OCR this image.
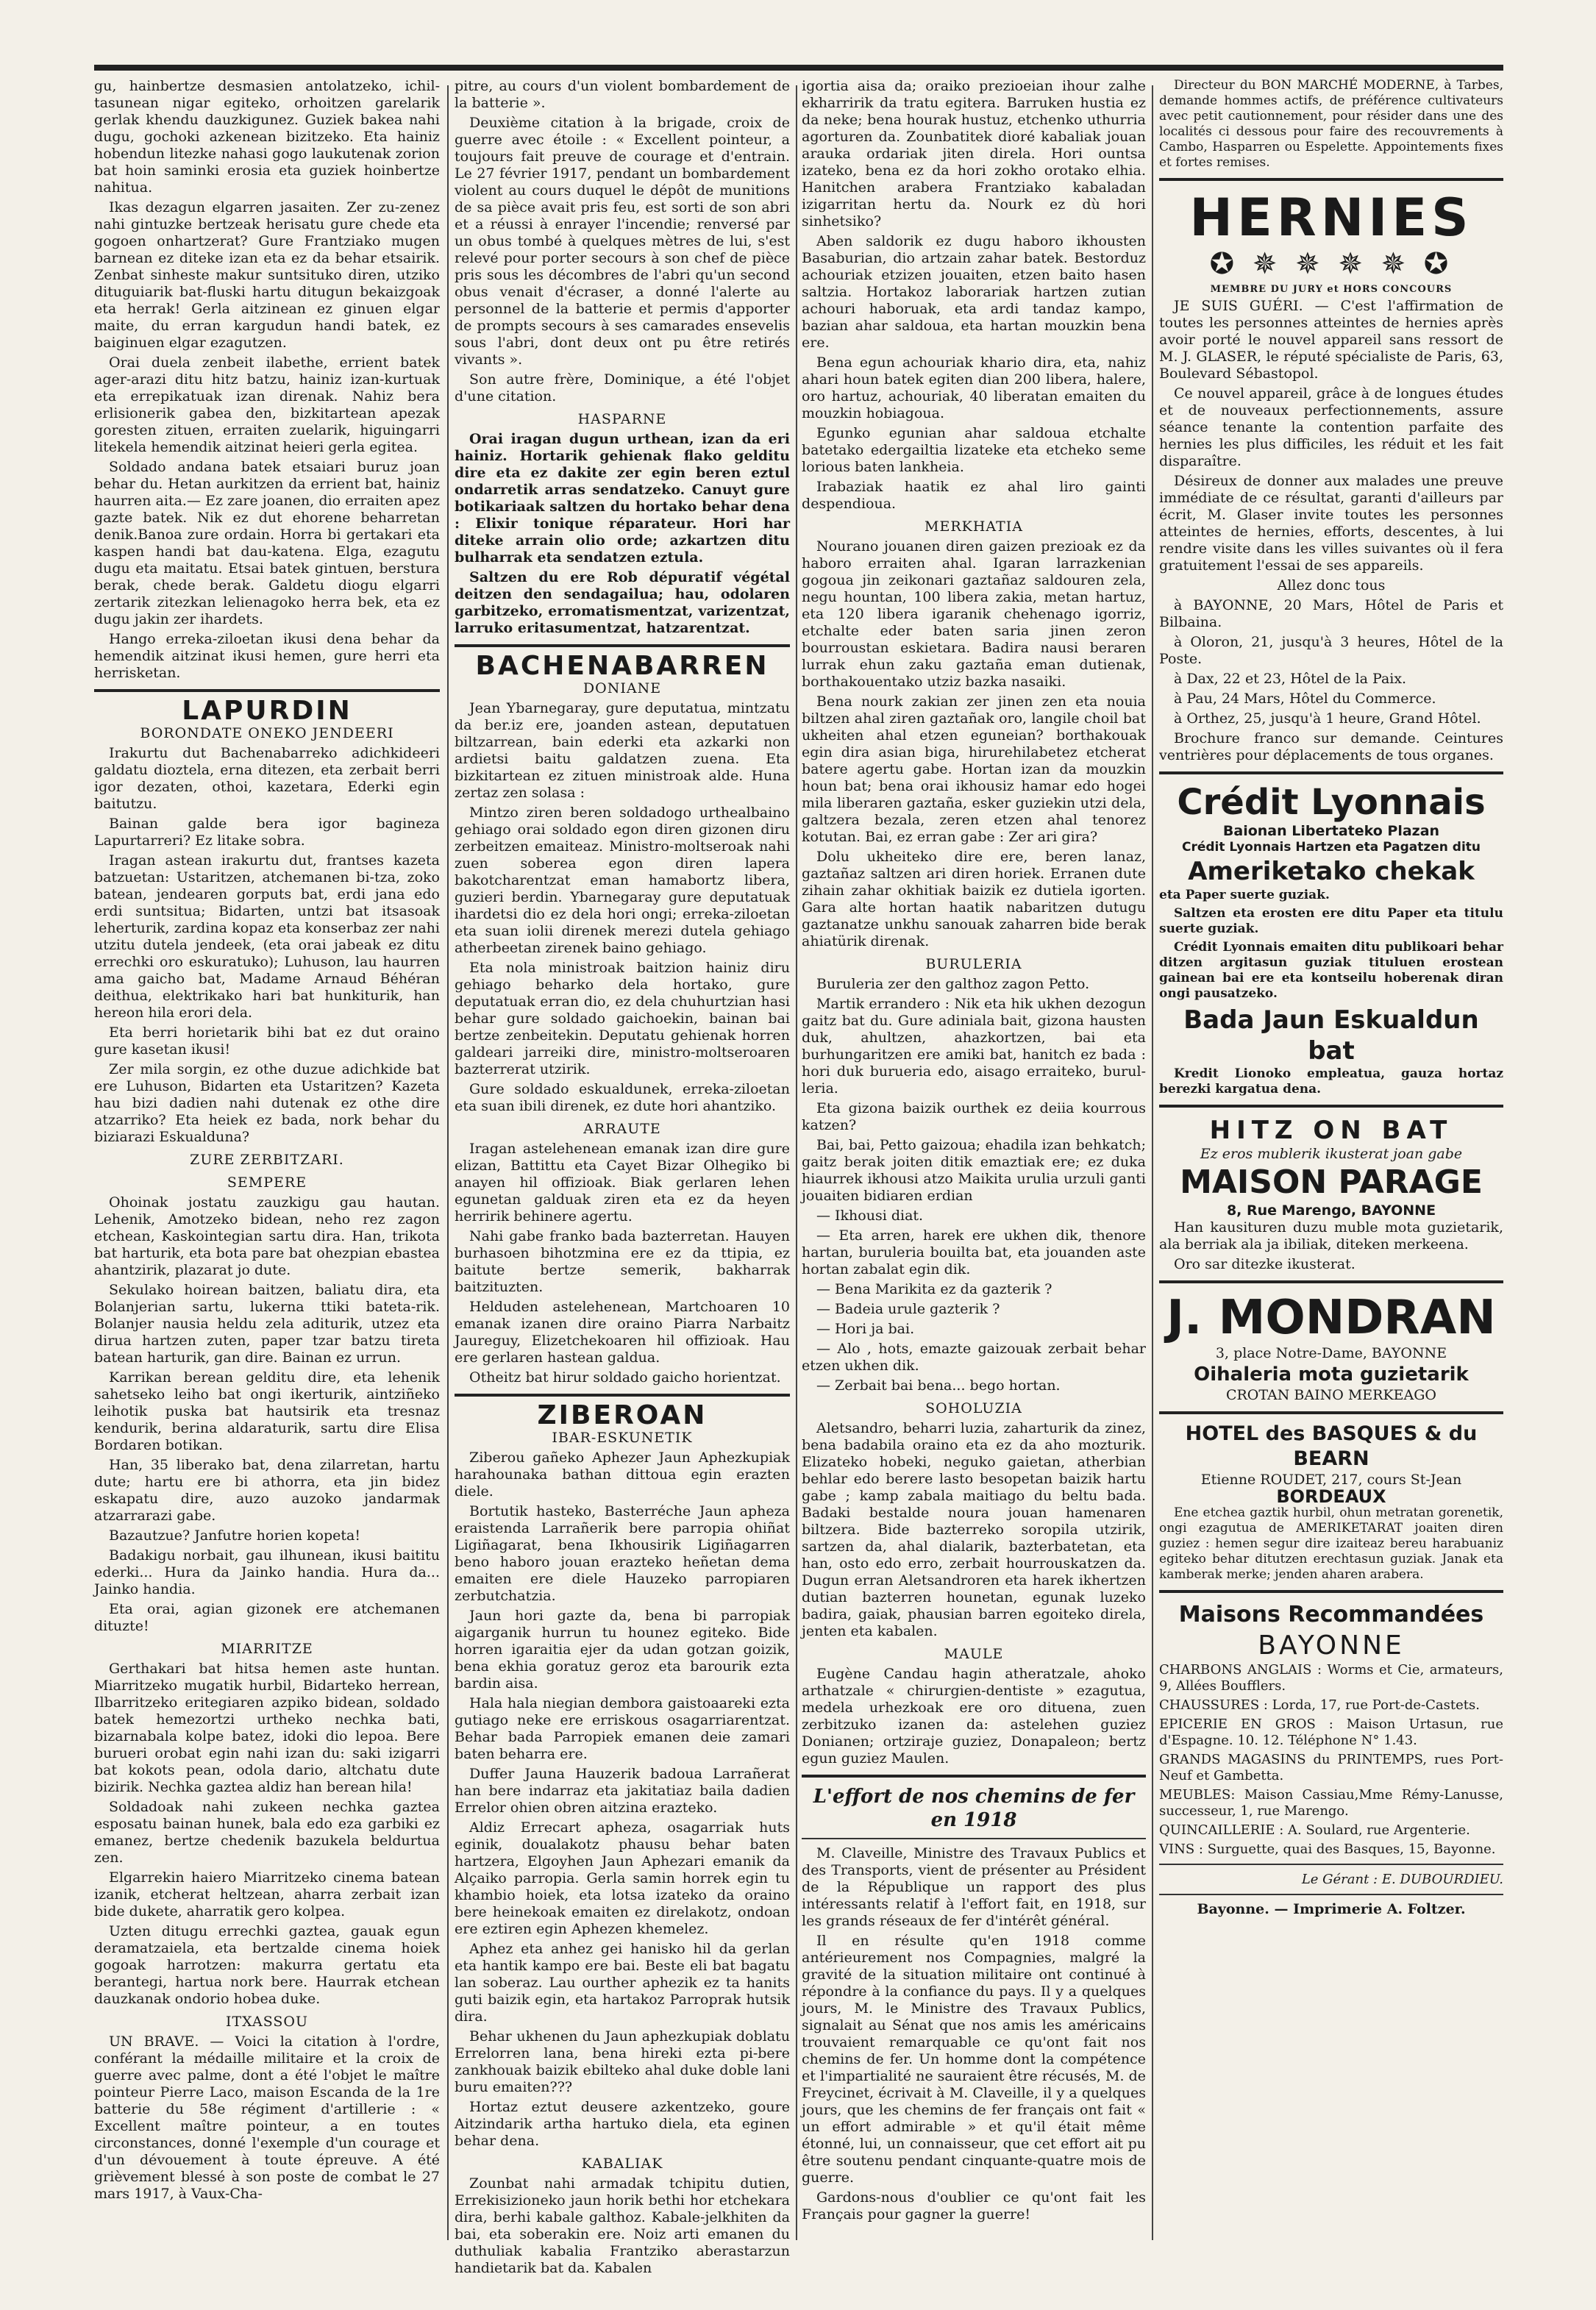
gu, hainbertze desmasien antolatzeko, ichil-tasunean nigar egiteko, orhoitzen garelarik gerlak khendu dauzkigunez. Guziek bakea nahi dugu, gochoki azkenean bizitzeko. Eta hainiz hobendun litezke nahasi gogo laukutenak zorion bat hoin saminki erosia eta guziek hoinbertze nahitua.

Ikas dezagun elgarren jasaiten. Zer zu-zenez nahi gintuzke bertzeak herisatu gure chede eta gogoen onhartzerat? Gure Frantziako mugen barnean ez diteke izan eta ez da behar etsairik. Zenbat sinheste makur suntsituko diren, utziko dituguiarik bat-fluski hartu ditugun bekaizgoak eta herrak! Gerla aitzinean ez ginuen elgar maite, du erran kargudun handi batek, ez baiginuen elgar ezagutzen.

Orai duela zenbeit ilabethe, errient batek ager-arazi ditu hitz batzu, hainiz izan-kurtuak eta errepikatuak izan direnak. Nahiz bera erlisionerik gabea den, bizkitartean apezak goresten zituen, erraiten zuelarik, higuingarri litekela hemendik aitzinat heieri gerla egitea.

Soldado andana batek etsaiari buruz joan behar du. Hetan aurkitzen da errient bat, hainiz haurren aita.— Ez zare joanen, dio erraiten apez gazte batek. Nik ez dut ehorene beharretan denik.Banoa zure ordain. Horra bi gertakari eta kaspen handi bat dau-katena. Elga, ezagutu dugu eta maitatu. Etsai batek gintuen, berstura berak, chede berak. Galdetu diogu elgarri zertarik zitezkan lelienagoko herra bek, eta ez dugu jakin zer ihardets.

Hango erreka-ziloetan ikusi dena behar da hemendik aitzinat ikusi hemen, gure herri eta herrisketan.

LAPURDIN
BORONDATE ONEKO JENDEERI

Irakurtu dut Bachenabarreko adichkideeri galdatu dioztela, erna ditezen, eta zerbait berri igor dezaten, othoi, kazetara, Ederki egin baitutzu.

Bainan galde bera igor bagineza Lapurtarreri? Ez litake sobra.

Iragan astean irakurtu dut, frantses kazeta batzuetan: Ustaritzen, atchemanen bi-tza, zoko batean, jendearen gorputs bat, erdi jana edo erdi suntsitua; Bidarten, untzi bat itsasoak leherturik, zardina kopaz eta konserbaz zer nahi utzitu dutela jendeek, (eta orai jabeak ez ditu errechki oro eskuratuko); Luhuson, lau haurren ama gaicho bat, Madame Arnaud Béhéran deithua, elektrikako hari bat hunkiturik, han hereon hila erori dela.

Eta berri horietarik bihi bat ez dut oraino gure kasetan ikusi!

Zer mila sorgin, ez othe duzue adichkide bat ere Luhuson, Bidarten eta Ustaritzen? Kazeta hau bizi dadien nahi dutenak ez othe dire atzarriko? Eta heiek ez bada, nork behar du biziarazi Eskualduna?

ZURE ZERBITZARI.
SEMPERE

Ohoinak jostatu zauzkigu gau hautan. Lehenik, Amotzeko bidean, neho rez zagon etchean, Kaskointegian sartu dira. Han, trikota bat harturik, eta bota pare bat ohezpian ebastea ahantzirik, plazarat jo dute.

Sekulako hoirean baitzen, baliatu dira, eta Bolanjerian sartu, lukerna ttiki bateta-rik. Bolanjer nausia heldu zela aditurik, utzez eta dirua hartzen zuten, paper tzar batzu tireta batean harturik, gan dire. Bainan ez urrun.

Karrikan berean gelditu dire, eta lehenik sahetseko leiho bat ongi ikerturik, aintziñeko leihotik puska bat hautsirik eta tresnaz kendurik, berina aldaraturik, sartu dire Elisa Bordaren botikan.

Han, 35 liberako bat, dena zilarretan, hartu dute; hartu ere bi athorra, eta jin bidez eskapatu dire, auzo auzoko jandarmak atzarrarazi gabe.

Bazautzue? Janfutre horien kopeta!

Badakigu norbait, gau ilhunean, ikusi baititu ederki... Hura da Jainko handia. Hura da... Jainko handia.

Eta orai, agian gizonek ere atchemanen dituzte!

MIARRITZE

Gerthakari bat hitsa hemen aste huntan. Miarritzeko mugatik hurbil, Bidarteko herrean, Ilbarritzeko eritegiaren azpiko bidean, soldado batek hemezortzi urtheko nechka bati, bizarnabala kolpe batez, idoki dio lepoa. Bere burueri orobat egin nahi izan du: saki izigarri bat kokots pean, odola dario, altchatu dute bizirik. Nechka gaztea aldiz han berean hila!

Soldadoak nahi zukeen nechka gaztea esposatu bainan hunek, bala edo eza garbiki ez emanez, bertze chedenik bazukela beldurtua zen.

Elgarrekin haiero Miarritzeko cinema batean izanik, etcherat heltzean, aharra zerbait izan bide dukete, aharratik gero kolpea.

Uzten ditugu errechki gaztea, gauak egun deramatzaiela, eta bertzalde cinema hoiek gogoak harrotzen: makurra gertatu eta berantegi, hartua nork bere. Haurrak etchean dauzkanak ondorio hobea duke.

ITXASSOU

UN BRAVE. — Voici la citation à l'ordre, conférant la médaille militaire et la croix de guerre avec palme, dont a été l'objet le maître pointeur Pierre Laco, maison Escanda de la 1re batterie du 58e régiment d'artillerie : « Excellent maître pointeur, a en toutes circonstances, donné l'exemple d'un courage et d'un dévouement à toute épreuve. A été grièvement blessé à son poste de combat le 27 mars 1917, à Vaux-Cha-

pitre, au cours d'un violent bombardement de la batterie ».

Deuxième citation à la brigade, croix de guerre avec étoile : « Excellent pointeur, a toujours fait preuve de courage et d'entrain. Le 27 février 1917, pendant un bombardement violent au cours duquel le dépôt de munitions de sa pièce avait pris feu, est sorti de son abri et a réussi à enrayer l'incendie; renversé par un obus tombé à quelques mètres de lui, s'est relevé pour porter secours à son chef de pièce pris sous les décombres de l'abri qu'un second obus venait d'écraser, a donné l'alerte au personnel de la batterie et permis d'apporter de prompts secours à ses camarades ensevelis sous l'abri, dont deux ont pu être retirés vivants ».

Son autre frère, Dominique, a été l'objet d'une citation.

HASPARNE

Orai iragan dugun urthean, izan da eri hainiz. Hortarik gehienak flako gelditu dire eta ez dakite zer egin beren eztul ondarretik arras sendatzeko. Canuyt gure botikariaak saltzen du hortako behar dena : Elixir tonique réparateur. Hori har diteke arrain olio orde; azkartzen ditu bulharrak eta sendatzen eztula.

Saltzen du ere Rob dépuratif végétal deitzen den sendagailua; hau, odolaren garbitzeko, erromatismentzat, varizentzat, larruko eritasumentzat, hatzarentzat.

BACHENABARREN
DONIANE

Jean Ybarnegaray, gure deputatua, mintzatu da ber.iz ere, joanden astean, deputatuen biltzarrean, bain ederki eta azkarki non ardietsi baitu galdatzen zuena. Eta bizkitartean ez zituen ministroak alde. Huna zertaz zen solasa :

Mintzo ziren beren soldadogo urthealbaino gehiago orai soldado egon diren gizonen diru zerbeitzen emaiteaz. Ministro-moltseroak nahi zuen soberea egon diren lapera bakotcharentzat eman hamabortz libera, guzieri berdin. Ybarnegaray gure deputatuak ihardetsi dio ez dela hori ongi; erreka-ziloetan eta suan iolii direnek merezi dutela gehiago atherbeetan zirenek baino gehiago.

Eta nola ministroak baitzion hainiz diru gehiago beharko dela hortako, gure deputatuak erran dio, ez dela chuhurtzian hasi behar gure soldado gaichoekin, bainan bai bertze zenbeitekin. Deputatu gehienak horren galdeari jarreiki dire, ministro-moltseroaren bazterrerat utzirik.

Gure soldado eskualdunek, erreka-ziloetan eta suan ibili direnek, ez dute hori ahantziko.

ARRAUTE

Iragan astelehenean emanak izan dire gure elizan, Battittu eta Cayet Bizar Olhegiko bi anayen hil offizioak. Biak gerlaren lehen egunetan galduak ziren eta ez da heyen herririk behinere agertu.

Nahi gabe franko bada bazterretan. Hauyen burhasoen bihotzmina ere ez da ttipia, ez baitute bertze semerik, bakharrak baitzituzten.

Helduden astelehenean, Martchoaren 10 emanak izanen dire oraino Piarra Narbaitz Jaureguy, Elizetchekoaren hil offizioak. Hau ere gerlaren hastean galdua.

Otheitz bat hirur soldado gaicho horientzat.

ZIBEROAN
IBAR-ESKUNETIK

Ziberou gañeko Aphezer Jaun Aphezkupiak harahounaka bathan dittoua egin erazten diele.

Bortutik hasteko, Basterréche Jaun apheza eraistenda Larrañerik bere parropia ohiñat Ligiñagarat, bena Ikhousirik Ligiñagarren beno haboro jouan erazteko heñetan dema emaiten ere diele Hauzeko parropiaren zerbutchatzia.

Jaun hori gazte da, bena bi parropiak aigarganik hurrun tu hounez egiteko. Bide horren igaraitia ejer da udan gotzan goizik, bena ekhia goratuz geroz eta barourik ezta bardin aisa.

Hala hala niegian dembora gaistoaareki ezta gutiago neke ere erriskous osagarriarentzat. Behar bada Parropiek emanen deie zamari baten beharra ere.

Duffer Jauna Hauzerik badoua Larrañerat han bere indarraz eta jakitatiaz baila dadien Errelor ohien obren aitzina erazteko.

Aldiz Errecart apheza, osagarriak huts eginik, doualakotz phausu behar baten hartzera, Elgoyhen Jaun Aphezari emanik da Alçaiko parropia. Gerla samin horrek egin tu khambio hoiek, eta lotsa izateko da oraino bere heinekoak emaiten ez direlakotz, ondoan ere eztiren egin Aphezen khemelez.

Aphez eta anhez gei hanisko hil da gerlan eta hantik kampo ere bai. Beste eli bat bagatu lan soberaz. Lau ourther aphezik ez ta hanits guti baizik egin, eta hartakoz Parroprak hutsik dira.

Behar ukhenen du Jaun aphezkupiak doblatu Errelorren lana, bena hireki ezta pi-bere zankhouak baizik ebilteko ahal duke doble lani buru emaiten???

Hortaz eztut deusere azkentzeko, goure Aitzindarik artha hartuko diela, eta eginen behar dena.

KABALIAK

Zounbat nahi armadak tchipitu dutien, Errekisizioneko jaun horik bethi hor etchekara dira, berhi kabale galthoz. Kabale-jelkhiten da bai, eta soberakin ere. Noiz arti emanen du duthuliak kabalia Frantziko aberastarzun handietarik bat da. Kabalen

igortia aisa da; oraiko prezioeian ihour zalhe ekharririk da tratu egitera. Barruken hustia ez da neke; bena hourak hustuz, etchenko uthurria agorturen da. Zounbatitek dioré kabaliak jouan arauka ordariak jiten direla. Hori ountsa izateko, bena ez da hori zokho orotako elhia. Hanitchen arabera Frantziako kabaladan izigarritan hertu da. Nourk ez dù hori sinhetsiko?

Aben saldorik ez dugu haboro ikhousten Basaburian, dio artzain zahar batek. Bestorduz achouriak etzizen jouaiten, etzen baito hasen saltzia. Hortakoz laborariak hartzen zutian achouri haboruak, eta ardi tandaz kampo, bazian ahar saldoua, eta hartan mouzkin bena ere.

Bena egun achouriak khario dira, eta, nahiz ahari houn batek egiten dian 200 libera, halere, oro hartuz, achouriak, 40 liberatan emaiten du mouzkin hobiagoua.

Egunko egunian ahar saldoua etchalte batetako edergailtia lizateke eta etcheko seme lorious baten lankheia.

Irabaziak haatik ez ahal liro gainti despendioua.

MERKHATIA

Nourano jouanen diren gaizen prezioak ez da haboro erraiten ahal. Igaran larrazkenian gogoua jin zeikonari gaztañaz saldouren zela, negu hountan, 100 libera zakia, metan hartuz, eta 120 libera igaranik chehenago igorriz, etchalte eder baten saria jinen zeron bourroustan eskietara. Badira nausi beraren lurrak ehun zaku gaztaña eman dutienak, borthakouentako utziz bazka nasaiki.

Bena nourk zakian zer jinen zen eta nouia biltzen ahal ziren gaztañak oro, langile choil bat ukheiten ahal etzen eguneian? borthakouak egin dira asian biga, hirurehilabetez etcherat batere agertu gabe. Hortan izan da mouzkin houn bat; bena orai ikhousiz hamar edo hogei mila liberaren gaztaña, esker guziekin utzi dela, galtzera bezala, zeren etzen ahal tenorez kotutan. Bai, ez erran gabe : Zer ari gira?

Dolu ukheiteko dire ere, beren lanaz, gaztañaz saltzen ari diren horiek. Erranen dute zihain zahar okhitiak baizik ez dutiela igorten. Gara alte hortan haatik nabaritzen dutugu gaztanatze unkhu sanouak zaharren bide berak ahiatürik direnak.

BURULERIA

Buruleria zer den galthoz zagon Petto.

Martik errandero : Nik eta hik ukhen dezogun gaitz bat du. Gure adiniala bait, gizona hausten duk, ahultzen, ahazkortzen, bai eta burhungaritzen ere amiki bat, hanitch ez bada : hori duk burueria edo, aisago erraiteko, burul-leria.

Eta gizona baizik ourthek ez deiia kourrous katzen?

Bai, bai, Petto gaizoua; ehadila izan behkatch; gaitz berak joiten ditik emaztiak ere; ez duka hiaurrek ikhousi atzo Maikita urulia urzuli ganti jouaiten bidiaren erdian

— Ikhousi diat.

— Eta arren, harek ere ukhen dik, thenore hartan, buruleria bouilta bat, eta jouanden aste hortan zabalat egin dik.

— Bena Marikita ez da gazterik ?

— Badeia urule gazterik ?

— Hori ja bai.

— Alo , hots, emazte gaizouak zerbait behar etzen ukhen dik.

— Zerbait bai bena... bego hortan.

SOHOLUZIA

Aletsandro, beharri luzia, zaharturik da zinez, bena badabila oraino eta ez da aho mozturik. Elizateko hobeki, neguko gaietan, atherbian behlar edo berere lasto besopetan baizik hartu gabe ; kamp zabala maitiago du beltu bada. Badaki bestalde noura jouan hamenaren biltzera. Bide bazterreko soropila utzirik, sartzen da, ahal dialarik, bazterbatetan, eta han, osto edo erro, zerbait hourrouskatzen da. Dugun erran Aletsandroren eta harek ikhertzen dutian bazterren hounetan, egunak luzeko badira, gaiak, phausian barren egoiteko direla, jenten eta kabalen.

MAULE

Eugène Candau hagin atheratzale, ahoko arthatzale « chirurgien-dentiste » ezagutua, medela urhezkoak ere oro dituena, zuen zerbitzuko izanen da: astelehen guziez Donianen; ortziraje guziez, Donapaleon; bertz egun guziez Maulen.

L'effort de nos chemins de fer en 1918

M. Claveille, Ministre des Travaux Publics et des Transports, vient de présenter au Président de la République un rapport des plus intéressants relatif à l'effort fait, en 1918, sur les grands réseaux de fer d'intérêt général.

Il en résulte qu'en 1918 comme antérieurement nos Compagnies, malgré la gravité de la situation militaire ont continué à répondre à la confiance du pays. Il y a quelques jours, M. le Ministre des Travaux Publics, signalait au Sénat que nos amis les américains trouvaient remarquable ce qu'ont fait nos chemins de fer. Un homme dont la compétence et l'impartialité ne sauraient être récusés, M. de Freycinet, écrivait à M. Claveille, il y a quelques jours, que les chemins de fer français ont fait « un effort admirable » et qu'il était même étonné, lui, un connaisseur, que cet effort ait pu être soutenu pendant cinquante-quatre mois de guerre.

Gardons-nous d'oublier ce qu'ont fait les Français pour gagner la guerre!

Directeur du BON MARCHÉ MODERNE, à Tarbes, demande hommes actifs, de préférence cultivateurs avec petit cautionnement, pour résider dans une des localités ci dessous pour faire des recouvrements à Cambo, Hasparren ou Espelette. Appointements fixes et fortes remises.

HERNIES
✪ ✵ ✵ ✵ ✵ ✪
MEMBRE DU JURY et HORS CONCOURS

JE SUIS GUÉRI. — C'est l'affirmation de toutes les personnes atteintes de hernies après avoir porté le nouvel appareil sans ressort de M. J. GLASER, le réputé spécialiste de Paris, 63, Boulevard Sébastopol.

Ce nouvel appareil, grâce à de longues études et de nouveaux perfectionnements, assure séance tenante la contention parfaite des hernies les plus difficiles, les réduit et les fait disparaître.

Désireux de donner aux malades une preuve immédiate de ce résultat, garanti d'ailleurs par écrit, M. Glaser invite toutes les personnes atteintes de hernies, efforts, descentes, à lui rendre visite dans les villes suivantes où il fera gratuitement l'essai de ses appareils.

Allez donc tous

à BAYONNE, 20 Mars, Hôtel de Paris et Bilbaina.

à Oloron, 21, jusqu'à 3 heures, Hôtel de la Poste.

à Dax, 22 et 23, Hôtel de la Paix.

à Pau, 24 Mars, Hôtel du Commerce.

à Orthez, 25, jusqu'à 1 heure, Grand Hôtel.

Brochure franco sur demande. Ceintures ventrières pour déplacements de tous organes.

Crédit Lyonnais
Baionan Libertateko Plazan
Crédit Lyonnais Hartzen eta Pagatzen ditu
Ameriketako chekak

eta Paper suerte guziak.

Saltzen eta erosten ere ditu Paper eta titulu suerte guziak.

Crédit Lyonnais emaiten ditu publikoari behar ditzen argitasun guziak tituluen erostean gainean bai ere eta kontseilu hoberenak diran ongi pausatzeko.

Bada Jaun Eskualdun bat

Kredit Lionoko empleatua, gauza hortaz berezki kargatua dena.

HITZ ON BAT
Ez eros mublerik ikusterat joan gabe
MAISON PARAGE
8, Rue Marengo, BAYONNE

Han kausituren duzu muble mota guzietarik, ala berriak ala ja ibiliak, diteken merkeena.

Oro sar ditezke ikusterat.

J. MONDRAN
3, place Notre-Dame, BAYONNE
Oihaleria mota guzietarik
CROTAN BAINO MERKEAGO
HOTEL des BASQUES & du BEARN
Etienne ROUDET, 217, cours St-Jean
BORDEAUX

Ene etchea gaztik hurbil, ohun metratan gorenetik, ongi ezagutua de AMERIKETARAT joaiten diren guziez : hemen segur dire izaiteaz bereu harabuaniz egiteko behar ditutzen erechtasun guziak. Janak eta kamberak merke; jenden aharen arabera.

Maisons Recommandées
BAYONNE

CHARBONS ANGLAIS : Worms et Cie, armateurs, 9, Allées Boufflers.

CHAUSSURES : Lorda, 17, rue Port-de-Castets.

EPICERIE EN GROS : Maison Urtasun, rue d'Espagne. 10. 12. Téléphone N° 1.43.

GRANDS MAGASINS du PRINTEMPS, rues Port-Neuf et Gambetta.

MEUBLES: Maison Cassiau,Mme Rémy-Lanusse, successeur, 1, rue Marengo.

QUINCAILLERIE : A. Soulard, rue Argenterie.

VINS : Surguette, quai des Basques, 15, Bayonne.

Le Gérant : E. DUBOURDIEU.
Bayonne. — Imprimerie A. Foltzer.
